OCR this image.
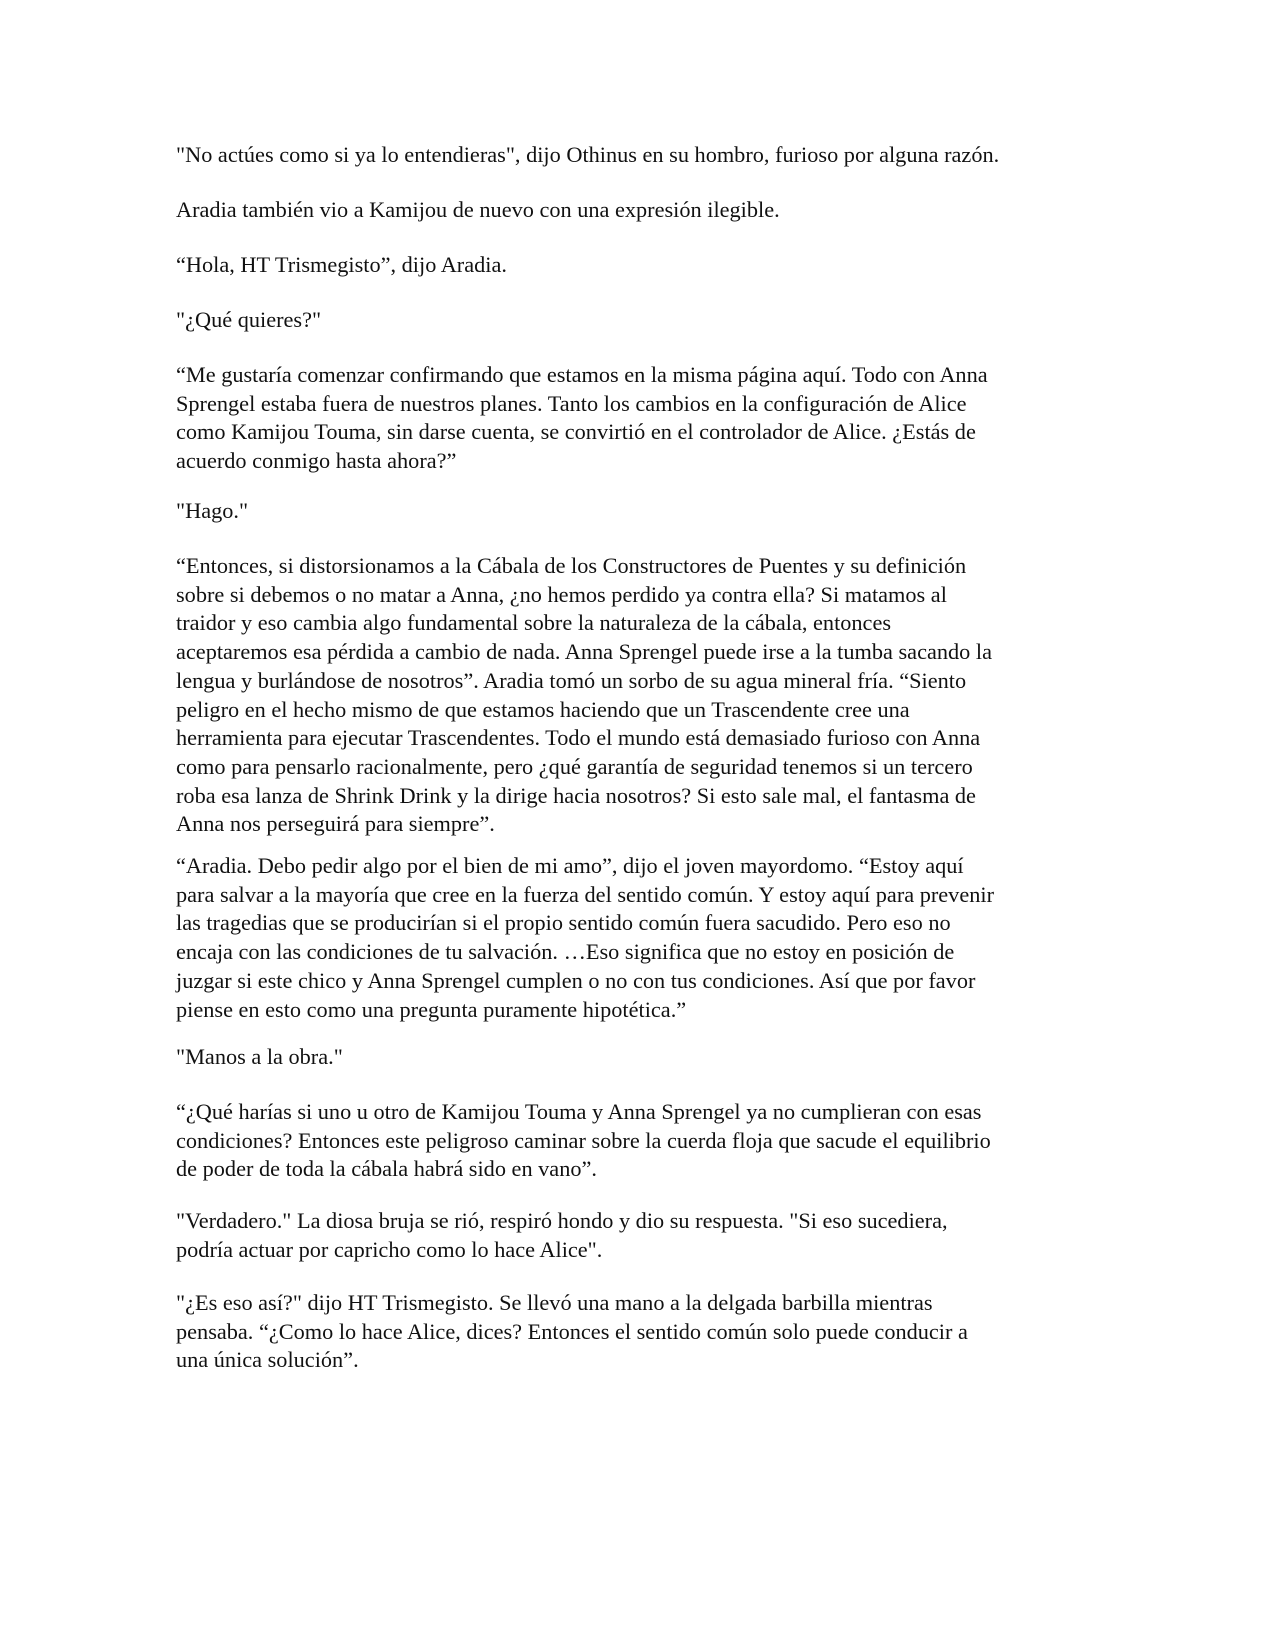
"No actúes como si ya lo entendieras", dijo Othinus en su hombro, furioso por alguna razón.

Aradia también vio a Kamijou de nuevo con una expresión ilegible.

“Hola, HT Trismegisto”, dijo Aradia.

"¿Qué quieres?"

“Me gustaría comenzar confirmando que estamos en la misma página aquí. Todo con Anna
Sprengel estaba fuera de nuestros planes. Tanto los cambios en la configuración de Alice
como Kamijou Touma, sin darse cuenta, se convirtió en el controlador de Alice. ¿Estás de
acuerdo conmigo hasta ahora?”

"Hago."

“Entonces, si distorsionamos a la Cábala de los Constructores de Puentes y su definición
sobre si debemos o no matar a Anna, ¿no hemos perdido ya contra ella? Si matamos al
traidor y eso cambia algo fundamental sobre la naturaleza de la cábala, entonces
aceptaremos esa pérdida a cambio de nada. Anna Sprengel puede irse a la tumba sacando la
lengua y burlándose de nosotros”. Aradia tomó un sorbo de su agua mineral fría. “Siento
peligro en el hecho mismo de que estamos haciendo que un Trascendente cree una
herramienta para ejecutar Trascendentes. Todo el mundo está demasiado furioso con Anna
como para pensarlo racionalmente, pero ¿qué garantía de seguridad tenemos si un tercero
roba esa lanza de Shrink Drink y la dirige hacia nosotros? Si esto sale mal, el fantasma de
Anna nos perseguirá para siempre”.

“Aradia. Debo pedir algo por el bien de mi amo”, dijo el joven mayordomo. “Estoy aquí
para salvar a la mayoría que cree en la fuerza del sentido común. Y estoy aquí para prevenir
las tragedias que se producirían si el propio sentido común fuera sacudido. Pero eso no
encaja con las condiciones de tu salvación. …Eso significa que no estoy en posición de
juzgar si este chico y Anna Sprengel cumplen o no con tus condiciones. Así que por favor
piense en esto como una pregunta puramente hipotética.”

"Manos a la obra."

“¿Qué harías si uno u otro de Kamijou Touma y Anna Sprengel ya no cumplieran con esas
condiciones? Entonces este peligroso caminar sobre la cuerda floja que sacude el equilibrio
de poder de toda la cábala habrá sido en vano”.

"Verdadero." La diosa bruja se rió, respiró hondo y dio su respuesta. "Si eso sucediera,
podría actuar por capricho como lo hace Alice".

"¿Es eso así?" dijo HT Trismegisto. Se llevó una mano a la delgada barbilla mientras
pensaba. “¿Como lo hace Alice, dices? Entonces el sentido común solo puede conducir a
una única solución”.
